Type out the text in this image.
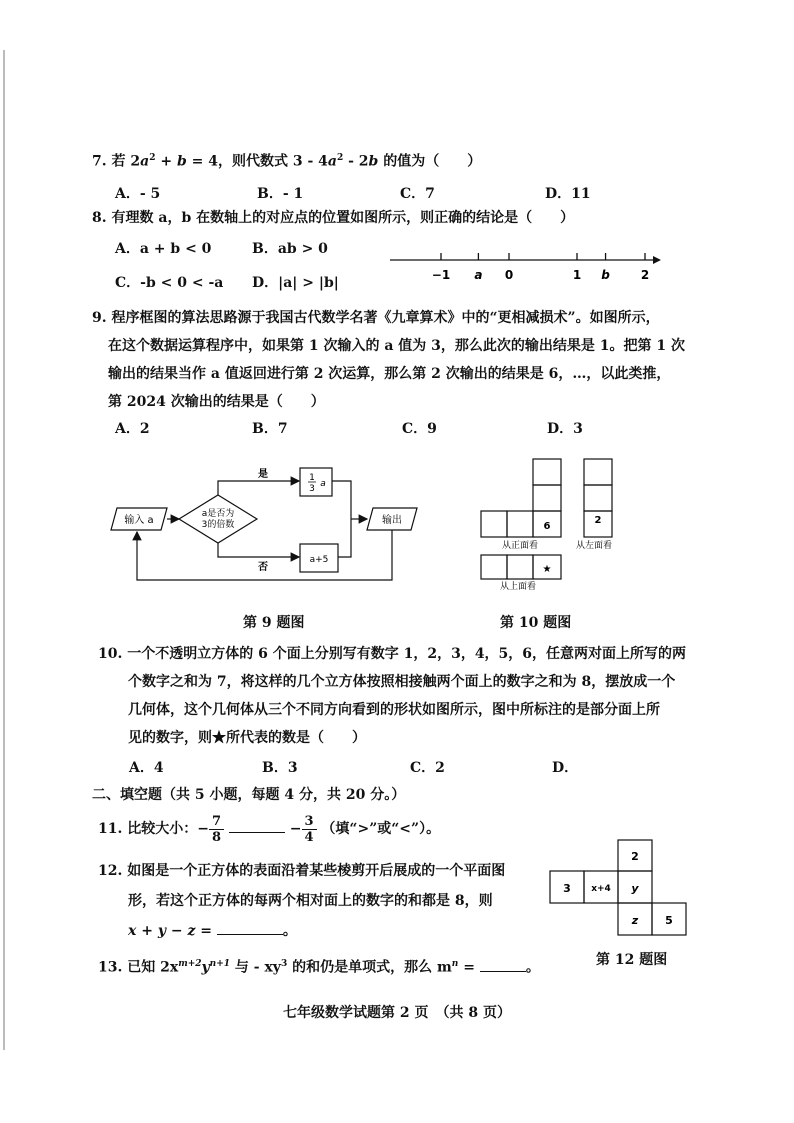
7. 若 $2a^2 + b = 4$，则代数式 $3 - 4a^2 - 2b$ 的值为（　　）
A．- 5	B．- 1	C．7	D．11
8. 有理数 a，b 在数轴上的对应点的位置如图所示，则正确的结论是（　　）
A．a + b < 0	B．ab > 0
C．-b < 0 < -a D．|a| > |b|	−1 a 0	1 b	2
9. 程序框图的算法思路源于我国古代数学名著《九章算术》中的“更相减损术”。如图所示，
在这个数据运算程序中，如果第 1 次输入的 a 值为 3，那么此次的输出结果是 1。把第 1 次
输出的结果当作 a 值返回进行第 2 次运算，那么第 2 次输出的结果是 6，…，以此类推，
第 2024 次输出的结果是（　　）
A．2	B．7	C．9	D．3
输入 a
a是否为
3的倍数
是	1
3 a
否
a+5
输出
第 9 题图
6
从正面看
2
从左面看
★
从上面看
第 10 题图
10. 一个不透明立方体的 6 个面上分别写有数字 1，2，3，4，5，6，任意两对面上所写的两
个数字之和为 7，将这样的几个立方体按照相接触两个面上的数字之和为 8，摆放成一个
几何体，这个几何体从三个不同方向看到的形状如图所示，图中所标注的是部分面上所
见的数字，则★所代表的数是（　　）
A．4	B．3	C．2	D．
二、填空题（共 5 小题，每题 4 分，共 20 分。）
11. 比较大小：− $\frac{7}{8}$	− $\frac{3}{4}$ （填“>”或“<”）。
12. 如图是一个正方体的表面沿着某些棱剪开后展成的一个平面图
形，若这个正方体的每两个相对面上的数字的和都是 8，则
x + y − z =	。
2
3 x+4 y
z 5
第 12 题图
13. 已知 $2x^{m+2}y^{n+1}$ 与 - $xy^3$ 的和仍是单项式，那么 $m^n$ =	。
七年级数学试题第 2 页　（共 8 页）
